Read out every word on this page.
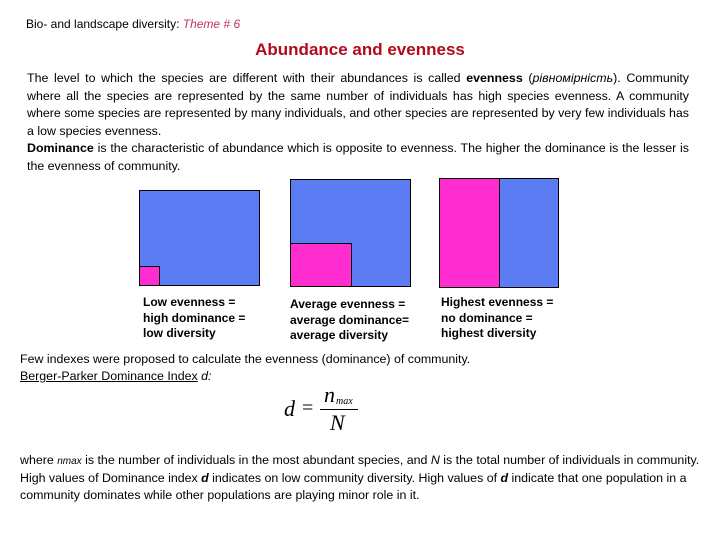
Bio- and landscape diversity: Theme # 6
Abundance and evenness
The level to which the species are different with their abundances is called evenness (рівномірність). Community where all the species are represented by the same number of individuals has high species evenness. A community where some species are represented by many individuals, and other species are represented by very few individuals has a low species evenness.
Dominance is the characteristic of abundance which is opposite to evenness. The higher the dominance is the lesser is the evenness of community.
Low evenness =
high dominance =
low diversity
Average evenness =
average dominance=
average diversity
Highest evenness =
no dominance =
highest diversity
Few indexes were proposed to calculate the evenness (dominance) of community.
Berger-Parker Dominance Index d:
d =
n max
N
where nmax is the number of individuals in the most abundant species, and N is the total number of individuals in community.
High values of Dominance index d indicates on low community diversity. High values of d indicate that one population in a community dominates while other populations are playing minor role in it.
